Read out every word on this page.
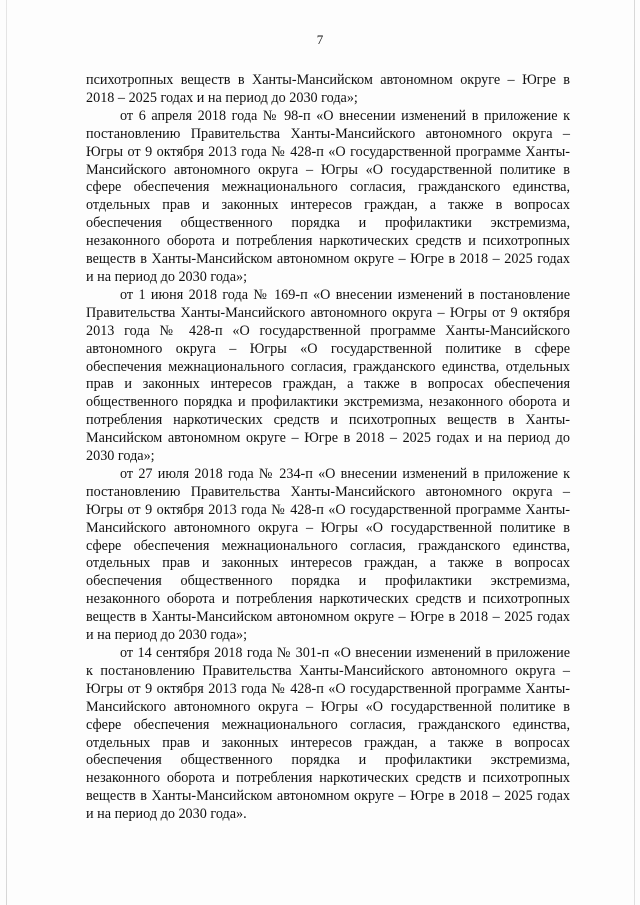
7

психотропных веществ в Ханты-Мансийском автономном округе – Югре в 2018 – 2025 годах и на период до 2030 года»;

от 6 апреля 2018 года № 98-п «О внесении изменений в приложение к постановлению Правительства Ханты-Мансийского автономного округа – Югры от 9 октября 2013 года № 428-п «О государственной программе Ханты-Мансийского автономного округа – Югры «О государственной политике в сфере обеспечения межнационального согласия, гражданского единства, отдельных прав и законных интересов граждан, а также в вопросах обеспечения общественного порядка и профилактики экстремизма, незаконного оборота и потребления наркотических средств и психотропных веществ в Ханты-Мансийском автономном округе – Югре в 2018 – 2025 годах и на период до 2030 года»;

от 1 июня 2018 года № 169-п «О внесении изменений в постановление Правительства Ханты-Мансийского автономного округа – Югры от 9 октября 2013 года № 428-п «О государственной программе Ханты-Мансийского автономного округа – Югры «О государственной политике в сфере обеспечения межнационального согласия, гражданского единства, отдельных прав и законных интересов граждан, а также в вопросах обеспечения общественного порядка и профилактики экстремизма, незаконного оборота и потребления наркотических средств и психотропных веществ в Ханты-Мансийском автономном округе – Югре в 2018 – 2025 годах и на период до 2030 года»;

от 27 июля 2018 года № 234-п «О внесении изменений в приложение к постановлению Правительства Ханты-Мансийского автономного округа – Югры от 9 октября 2013 года № 428-п «О государственной программе Ханты-Мансийского автономного округа – Югры «О государственной политике в сфере обеспечения межнационального согласия, гражданского единства, отдельных прав и законных интересов граждан, а также в вопросах обеспечения общественного порядка и профилактики экстремизма, незаконного оборота и потребления наркотических средств и психотропных веществ в Ханты-Мансийском автономном округе – Югре в 2018 – 2025 годах и на период до 2030 года»;

от 14 сентября 2018 года № 301-п «О внесении изменений в приложение к постановлению Правительства Ханты-Мансийского автономного округа – Югры от 9 октября 2013 года № 428-п «О государственной программе Ханты-Мансийского автономного округа – Югры «О государственной политике в сфере обеспечения межнационального согласия, гражданского единства, отдельных прав и законных интересов граждан, а также в вопросах обеспечения общественного порядка и профилактики экстремизма, незаконного оборота и потребления наркотических средств и психотропных веществ в Ханты-Мансийском автономном округе – Югре в 2018 – 2025 годах и на период до 2030 года».
